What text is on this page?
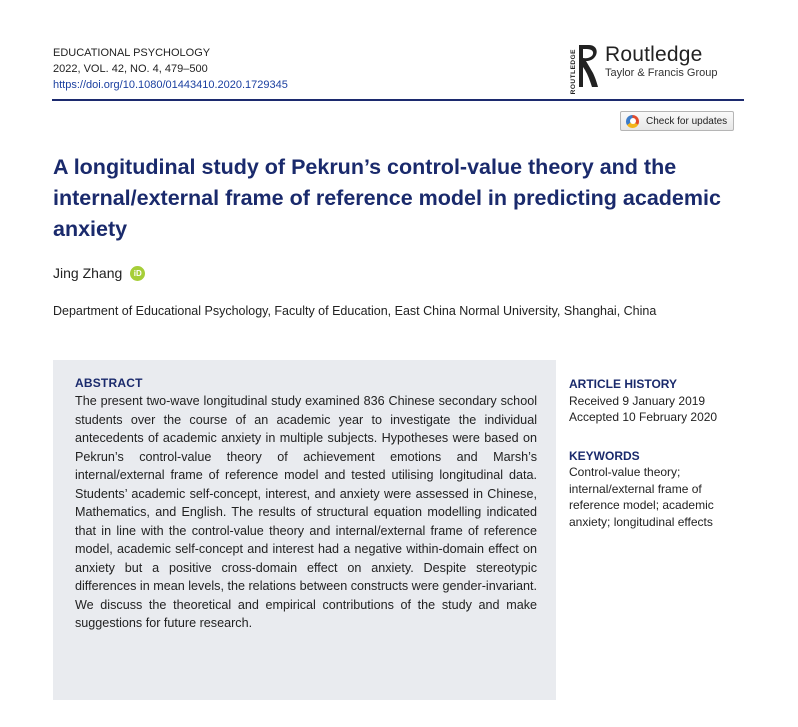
EDUCATIONAL PSYCHOLOGY
2022, VOL. 42, NO. 4, 479–500
https://doi.org/10.1080/01443410.2020.1729345	ROUTLEDGE Routledge
Taylor & Francis Group
Check for updates
A longitudinal study of Pekrun’s control-value theory and the internal/external frame of reference model in predicting academic anxiety
Jing Zhang	iD
Department of Educational Psychology, Faculty of Education, East China Normal University, Shanghai, China
ABSTRACT
The present two-wave longitudinal study examined 836 Chinese secondary school students over the course of an academic year to investigate the individual antecedents of academic anxiety in multiple subjects. Hypotheses were based on Pekrun’s control-value theory of achievement emotions and Marsh’s internal/external frame of reference model and tested utilising longitudinal data. Students’ academic self-concept, interest, and anxiety were assessed in Chinese, Mathematics, and English. The results of structural equation modelling indicated that in line with the control-value theory and internal/external frame of reference model, academic self-concept and interest had a negative within-domain effect on anxiety but a positive cross-domain effect on anxiety. Despite stereotypic differences in mean levels, the relations between constructs were gender-invariant. We discuss the theoretical and empirical contributions of the study and make suggestions for future research.
ARTICLE HISTORY
Received 9 January 2019
Accepted 10 February 2020
KEYWORDS
Control-value theory; internal/external frame of reference model; academic anxiety; longitudinal effects
